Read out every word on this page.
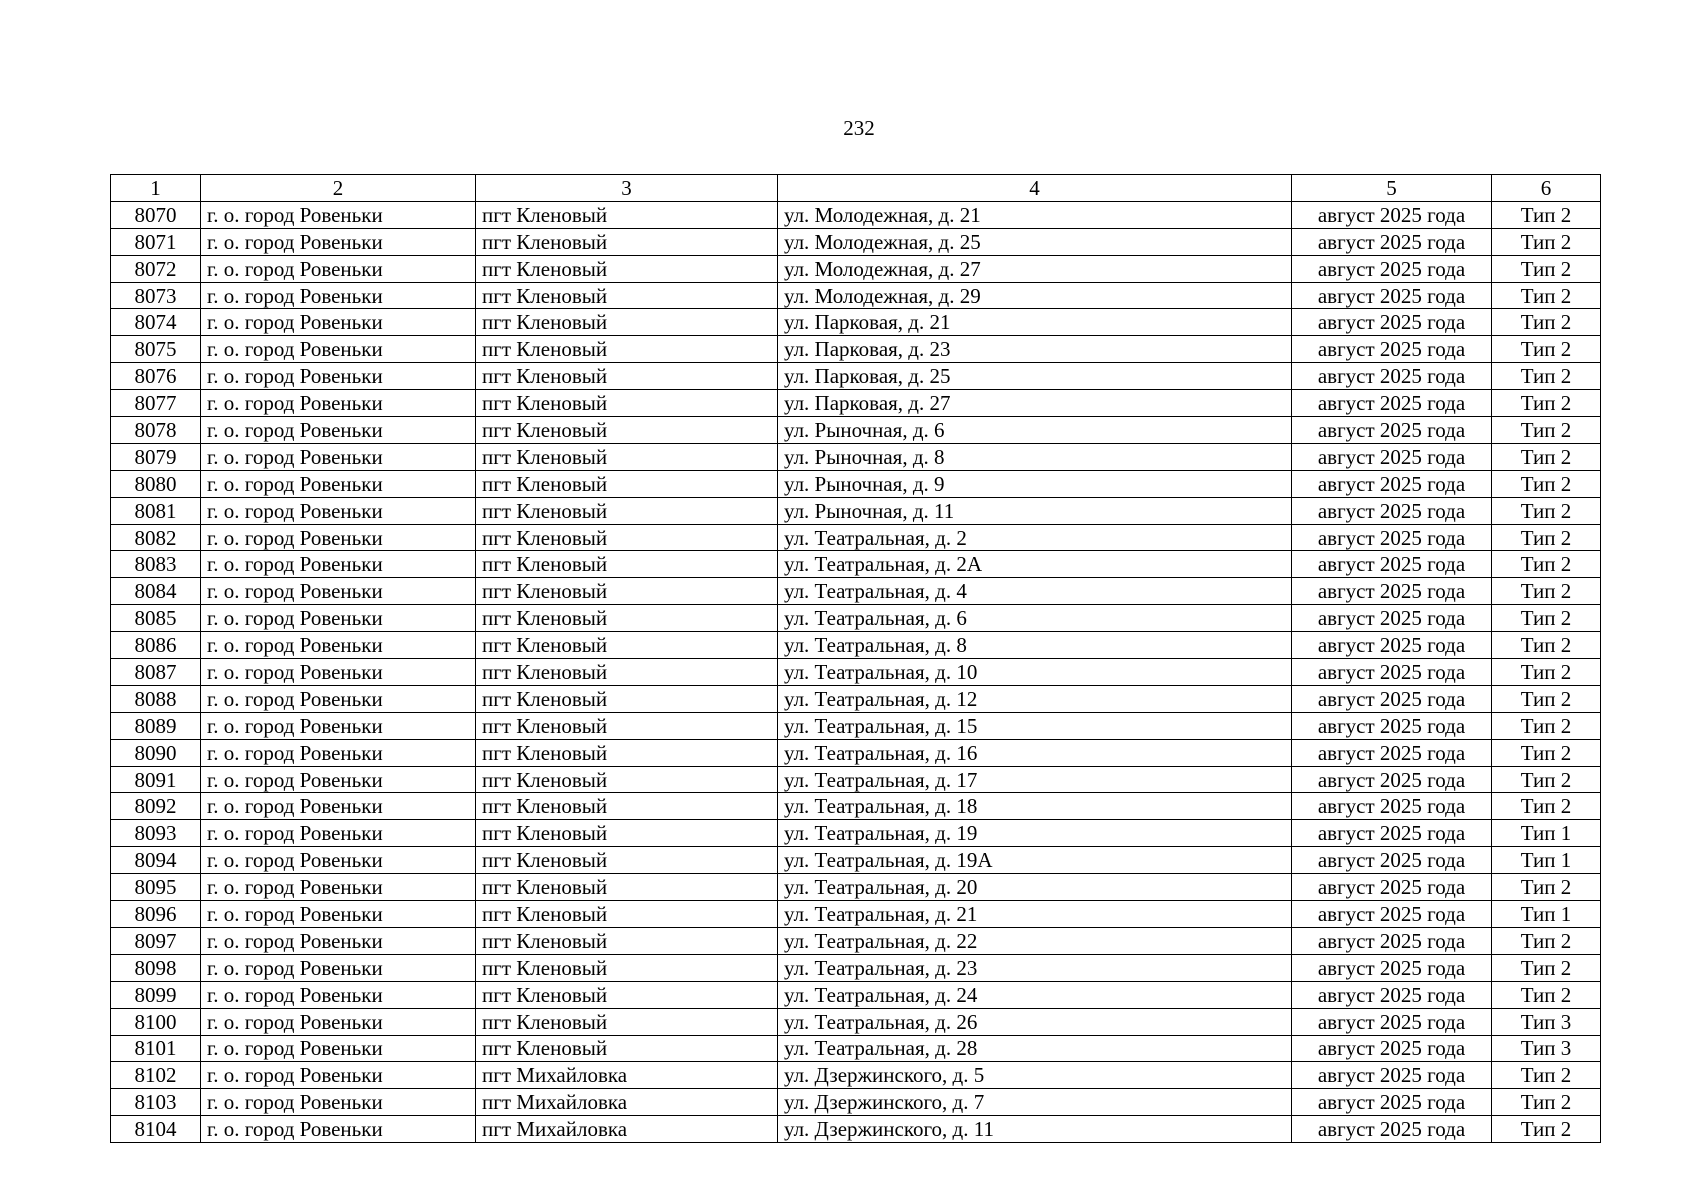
232
1	2	3	4	5	6
8070	г. о. город Ровеньки	пгт Кленовый	ул. Молодежная, д. 21	август 2025 года	Тип 2
8071	г. о. город Ровеньки	пгт Кленовый	ул. Молодежная, д. 25	август 2025 года	Тип 2
8072	г. о. город Ровеньки	пгт Кленовый	ул. Молодежная, д. 27	август 2025 года	Тип 2
8073	г. о. город Ровеньки	пгт Кленовый	ул. Молодежная, д. 29	август 2025 года	Тип 2
8074	г. о. город Ровеньки	пгт Кленовый	ул. Парковая, д. 21	август 2025 года	Тип 2
8075	г. о. город Ровеньки	пгт Кленовый	ул. Парковая, д. 23	август 2025 года	Тип 2
8076	г. о. город Ровеньки	пгт Кленовый	ул. Парковая, д. 25	август 2025 года	Тип 2
8077	г. о. город Ровеньки	пгт Кленовый	ул. Парковая, д. 27	август 2025 года	Тип 2
8078	г. о. город Ровеньки	пгт Кленовый	ул. Рыночная, д. 6	август 2025 года	Тип 2
8079	г. о. город Ровеньки	пгт Кленовый	ул. Рыночная, д. 8	август 2025 года	Тип 2
8080	г. о. город Ровеньки	пгт Кленовый	ул. Рыночная, д. 9	август 2025 года	Тип 2
8081	г. о. город Ровеньки	пгт Кленовый	ул. Рыночная, д. 11	август 2025 года	Тип 2
8082	г. о. город Ровеньки	пгт Кленовый	ул. Театральная, д. 2	август 2025 года	Тип 2
8083	г. о. город Ровеньки	пгт Кленовый	ул. Театральная, д. 2А	август 2025 года	Тип 2
8084	г. о. город Ровеньки	пгт Кленовый	ул. Театральная, д. 4	август 2025 года	Тип 2
8085	г. о. город Ровеньки	пгт Кленовый	ул. Театральная, д. 6	август 2025 года	Тип 2
8086	г. о. город Ровеньки	пгт Кленовый	ул. Театральная, д. 8	август 2025 года	Тип 2
8087	г. о. город Ровеньки	пгт Кленовый	ул. Театральная, д. 10	август 2025 года	Тип 2
8088	г. о. город Ровеньки	пгт Кленовый	ул. Театральная, д. 12	август 2025 года	Тип 2
8089	г. о. город Ровеньки	пгт Кленовый	ул. Театральная, д. 15	август 2025 года	Тип 2
8090	г. о. город Ровеньки	пгт Кленовый	ул. Театральная, д. 16	август 2025 года	Тип 2
8091	г. о. город Ровеньки	пгт Кленовый	ул. Театральная, д. 17	август 2025 года	Тип 2
8092	г. о. город Ровеньки	пгт Кленовый	ул. Театральная, д. 18	август 2025 года	Тип 2
8093	г. о. город Ровеньки	пгт Кленовый	ул. Театральная, д. 19	август 2025 года	Тип 1
8094	г. о. город Ровеньки	пгт Кленовый	ул. Театральная, д. 19А	август 2025 года	Тип 1
8095	г. о. город Ровеньки	пгт Кленовый	ул. Театральная, д. 20	август 2025 года	Тип 2
8096	г. о. город Ровеньки	пгт Кленовый	ул. Театральная, д. 21	август 2025 года	Тип 1
8097	г. о. город Ровеньки	пгт Кленовый	ул. Театральная, д. 22	август 2025 года	Тип 2
8098	г. о. город Ровеньки	пгт Кленовый	ул. Театральная, д. 23	август 2025 года	Тип 2
8099	г. о. город Ровеньки	пгт Кленовый	ул. Театральная, д. 24	август 2025 года	Тип 2
8100	г. о. город Ровеньки	пгт Кленовый	ул. Театральная, д. 26	август 2025 года	Тип 3
8101	г. о. город Ровеньки	пгт Кленовый	ул. Театральная, д. 28	август 2025 года	Тип 3
8102	г. о. город Ровеньки	пгт Михайловка	ул. Дзержинского, д. 5	август 2025 года	Тип 2
8103	г. о. город Ровеньки	пгт Михайловка	ул. Дзержинского, д. 7	август 2025 года	Тип 2
8104	г. о. город Ровеньки	пгт Михайловка	ул. Дзержинского, д. 11	август 2025 года	Тип 2
